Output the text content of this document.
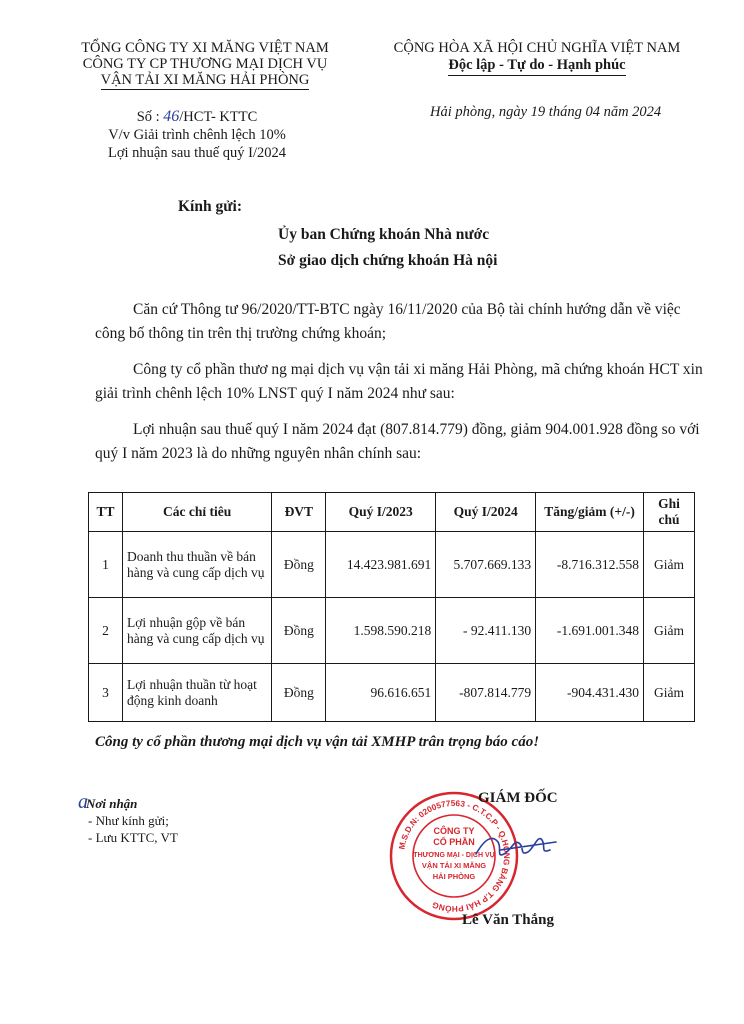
TỔNG CÔNG TY XI MĂNG VIỆT NAM
CÔNG TY CP THƯƠNG MẠI DỊCH VỤ
VẬN TẢI XI MĂNG HẢI PHÒNG
CỘNG HÒA XÃ HỘI CHỦ NGHĨA VIỆT NAM
Độc lập - Tự do - Hạnh phúc
Hải phòng, ngày 19 tháng 04 năm 2024
Số : 46/HCT- KTTC
V/v Giải trình chênh lệch 10%
Lợi nhuận sau thuế quý I/2024
Kính gửi:
Ủy ban Chứng khoán Nhà nước
Sở giao dịch chứng khoán Hà nội
Căn cứ Thông tư 96/2020/TT-BTC ngày 16/11/2020 của Bộ tài chính hướng dẫn về việc công bố thông tin trên thị trường chứng khoán;
Công ty cổ phần thươ ng mại dịch vụ vận tải xi măng Hải Phòng, mã chứng khoán HCT xin giải trình chênh lệch 10% LNST quý I năm 2024 như sau:
Lợi nhuận sau thuế quý I năm 2024 đạt (807.814.779) đồng, giảm 904.001.928 đồng so với quý I năm 2023 là do những nguyên nhân chính sau:
TT	Các chỉ tiêu	ĐVT	Quý I/2023	Quý I/2024	Tăng/giảm (+/-)	Ghi chú
1	Doanh thu thuần về bán hàng và cung cấp dịch vụ	Đồng	14.423.981.691	5.707.669.133	-8.716.312.558	Giảm
2	Lợi nhuận gộp về bán hàng và cung cấp dịch vụ	Đồng	1.598.590.218	- 92.411.130	-1.691.001.348	Giảm
3	Lợi nhuận thuần từ hoạt động kinh doanh	Đồng	96.616.651	-807.814.779	-904.431.430	Giảm
Công ty cổ phần thương mại dịch vụ vận tải XMHP trân trọng báo cáo!
aNơi nhận
- Như kính gửi;
- Lưu KTTC, VT
M.S.D.N: 0200577563 - C.T.C.P - Q.HỒNG BÀNG T.P HẢI PHÒNG
CÔNG TY
CỔ PHẦN
THƯƠNG MẠI - DỊCH VỤ
VẬN TẢI XI MĂNG
HẢI PHÒNG
GIÁM ĐỐC
Lê Văn Thắng
